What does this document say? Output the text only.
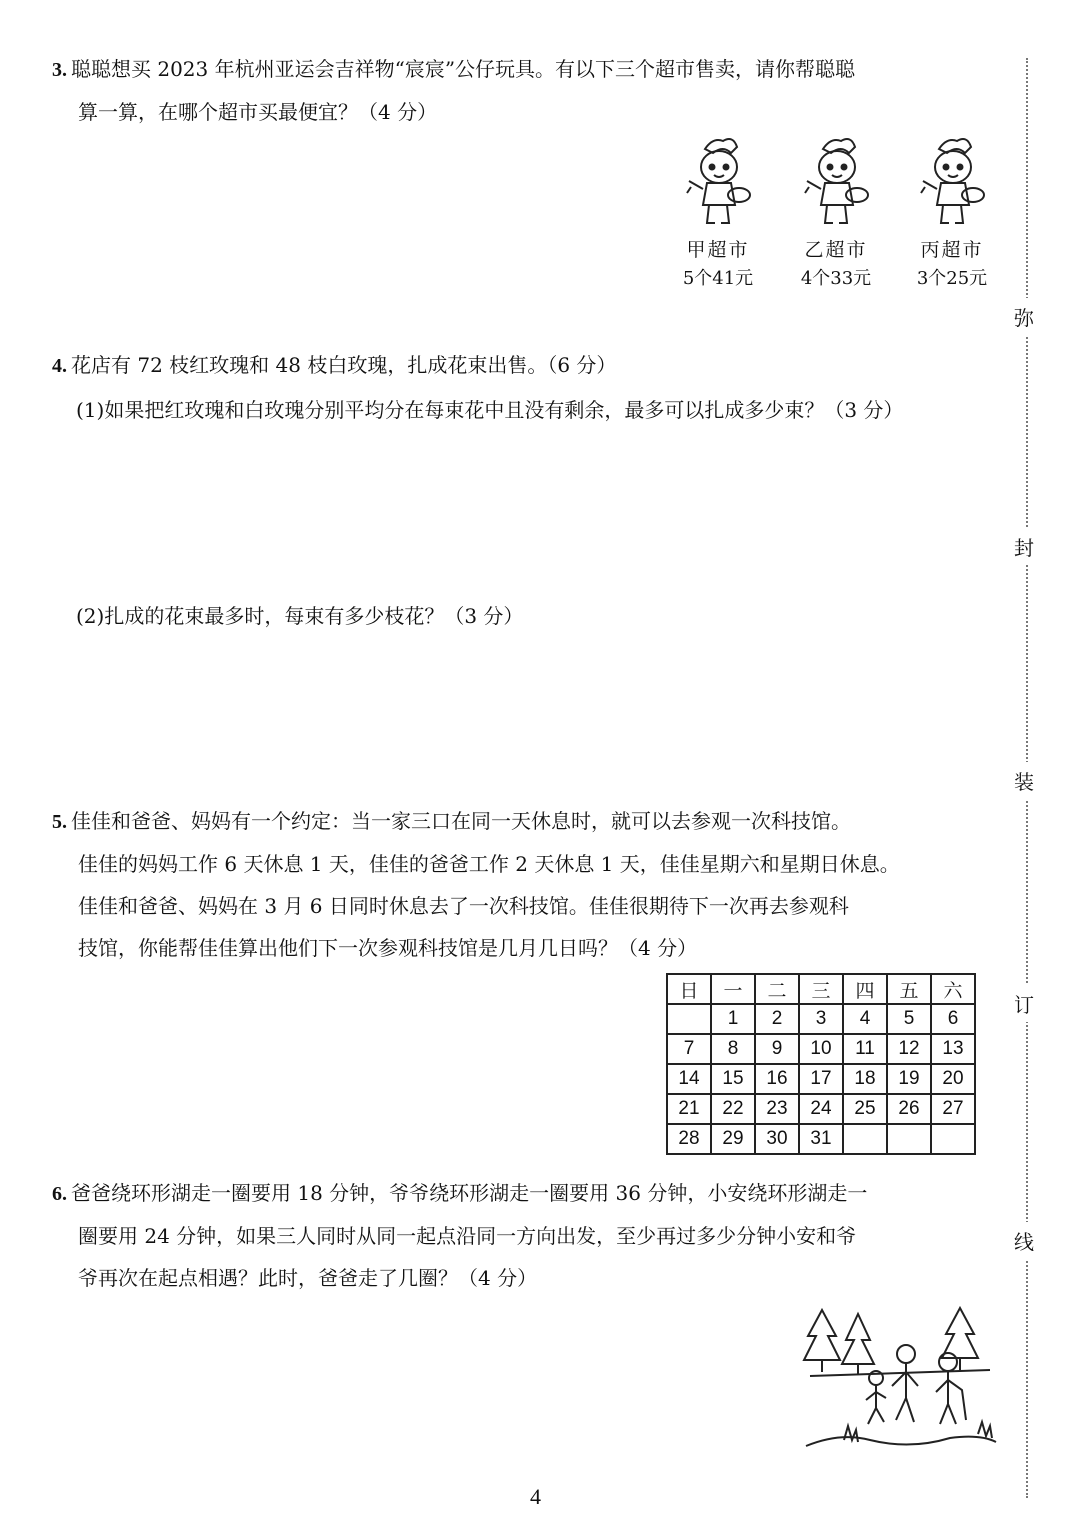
弥
封
装
订
线
3. 聪聪想买 2023 年杭州亚运会吉祥物“宸宸”公仔玩具。有以下三个超市售卖，请你帮聪聪
算一算，在哪个超市买最便宜？（4 分）
甲超市
5个41元
乙超市
4个33元
丙超市
3个25元
4. 花店有 72 枝红玫瑰和 48 枝白玫瑰，扎成花束出售。（6 分）
(1)如果把红玫瑰和白玫瑰分别平均分在每束花中且没有剩余，最多可以扎成多少束？（3 分）
(2)扎成的花束最多时，每束有多少枝花？（3 分）
5. 佳佳和爸爸、妈妈有一个约定：当一家三口在同一天休息时，就可以去参观一次科技馆。
佳佳的妈妈工作 6 天休息 1 天，佳佳的爸爸工作 2 天休息 1 天，佳佳星期六和星期日休息。
佳佳和爸爸、妈妈在 3 月 6 日同时休息去了一次科技馆。佳佳很期待下一次再去参观科
技馆，你能帮佳佳算出他们下一次参观科技馆是几月几日吗？（4 分）
日	一	二	三	四	五	六
	1	2	3	4	5	6
7	8	9	10	11	12	13
14	15	16	17	18	19	20
21	22	23	24	25	26	27
28	29	30	31			
6. 爸爸绕环形湖走一圈要用 18 分钟，爷爷绕环形湖走一圈要用 36 分钟，小安绕环形湖走一
圈要用 24 分钟，如果三人同时从同一起点沿同一方向出发，至少再过多少分钟小安和爷
爷再次在起点相遇？此时，爸爸走了几圈？（4 分）
4
